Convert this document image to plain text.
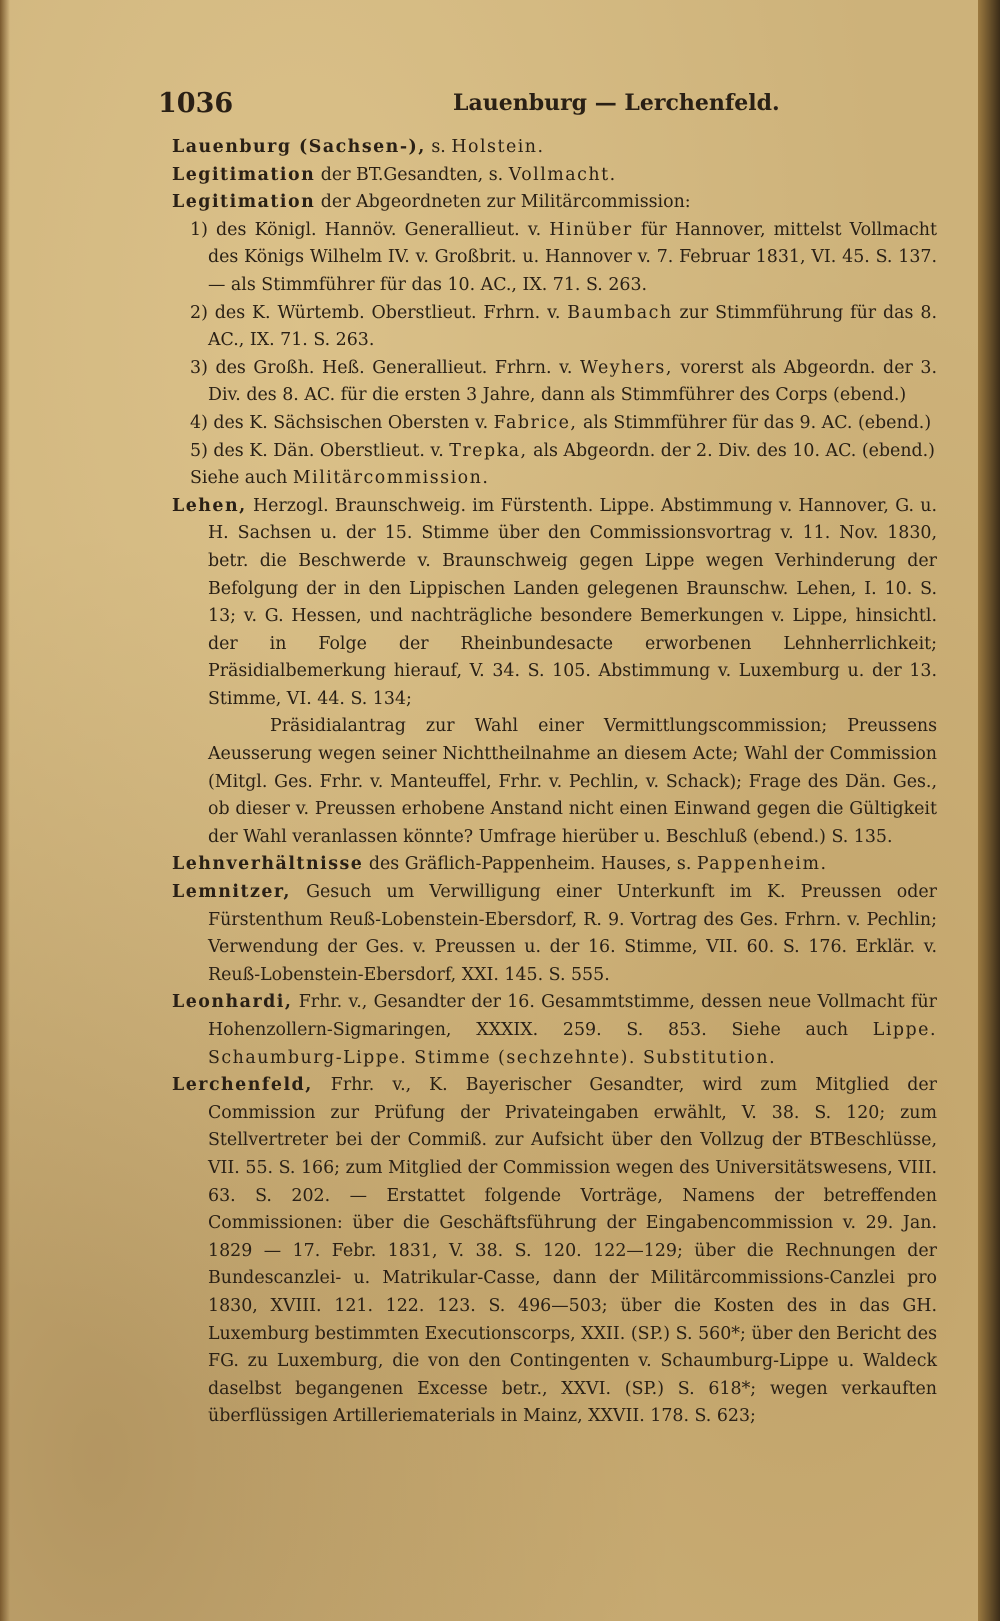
1036	Lauenburg — Lerchenfeld.

Lauenburg (Sachsen-), s. Holstein.

Legitimation der BT.Gesandten, s. Vollmacht.

Legitimation der Abgeordneten zur Militärcommission:

1) des Königl. Hannöv. Generallieut. v. Hinüber für Hannover, mittelst Vollmacht des Königs Wilhelm IV. v. Großbrit. u. Hannover v. 7. Februar 1831, VI. 45. S. 137. — als Stimmführer für das 10. AC., IX. 71. S. 263.

2) des K. Würtemb. Oberstlieut. Frhrn. v. Baumbach zur Stimmführung für das 8. AC., IX. 71. S. 263.

3) des Großh. Heß. Generallieut. Frhrn. v. Weyhers, vorerst als Abgeordn. der 3. Div. des 8. AC. für die ersten 3 Jahre, dann als Stimmführer des Corps (ebend.)

4) des K. Sächsischen Obersten v. Fabrice, als Stimmführer für das 9. AC. (ebend.)

5) des K. Dän. Oberstlieut. v. Trepka, als Abgeordn. der 2. Div. des 10. AC. (ebend.)

Siehe auch Militärcommission.

Lehen, Herzogl. Braunschweig. im Fürstenth. Lippe. Abstimmung v. Hannover, G. u. H. Sachsen u. der 15. Stimme über den Commissionsvortrag v. 11. Nov. 1830, betr. die Beschwerde v. Braunschweig gegen Lippe wegen Verhinderung der Befolgung der in den Lippischen Landen gelegenen Braunschw. Lehen, I. 10. S. 13; v. G. Hessen, und nachträgliche besondere Bemerkungen v. Lippe, hinsichtl. der in Folge der Rheinbundesacte erworbenen Lehnherrlichkeit; Präsidialbemerkung hierauf, V. 34. S. 105. Abstimmung v. Luxemburg u. der 13. Stimme, VI. 44. S. 134;

Präsidialantrag zur Wahl einer Vermittlungscommission; Preussens Aeusserung wegen seiner Nichttheilnahme an diesem Acte; Wahl der Commission (Mitgl. Ges. Frhr. v. Manteuffel, Frhr. v. Pechlin, v. Schack); Frage des Dän. Ges., ob dieser v. Preussen erhobene Anstand nicht einen Einwand gegen die Gültigkeit der Wahl veranlassen könnte? Umfrage hierüber u. Beschluß (ebend.) S. 135.

Lehnverhältnisse des Gräflich-Pappenheim. Hauses, s. Pappenheim.

Lemnitzer, Gesuch um Verwilligung einer Unterkunft im K. Preussen oder Fürstenthum Reuß-Lobenstein-Ebersdorf, R. 9. Vortrag des Ges. Frhrn. v. Pechlin; Verwendung der Ges. v. Preussen u. der 16. Stimme, VII. 60. S. 176. Erklär. v. Reuß-Lobenstein-Ebersdorf, XXI. 145. S. 555.

Leonhardi, Frhr. v., Gesandter der 16. Gesammtstimme, dessen neue Vollmacht für Hohenzollern-Sigmaringen, XXXIX. 259. S. 853. Siehe auch Lippe. Schaumburg-Lippe. Stimme (sechzehnte). Substitution.

Lerchenfeld, Frhr. v., K. Bayerischer Gesandter, wird zum Mitglied der Commission zur Prüfung der Privateingaben erwählt, V. 38. S. 120; zum Stellvertreter bei der Commiß. zur Aufsicht über den Vollzug der BTBeschlüsse, VII. 55. S. 166; zum Mitglied der Commission wegen des Universitätswesens, VIII. 63. S. 202. — Erstattet folgende Vorträge, Namens der betreffenden Commissionen: über die Geschäftsführung der Eingabencommission v. 29. Jan. 1829 — 17. Febr. 1831, V. 38. S. 120. 122—129; über die Rechnungen der Bundescanzlei- u. Matrikular-Casse, dann der Militärcommissions-Canzlei pro 1830, XVIII. 121. 122. 123. S. 496—503; über die Kosten des in das GH. Luxemburg bestimmten Executionscorps, XXII. (SP.) S. 560*; über den Bericht des FG. zu Luxemburg, die von den Contingenten v. Schaumburg-Lippe u. Waldeck daselbst begangenen Excesse betr., XXVI. (SP.) S. 618*; wegen verkauften überflüssigen Artilleriematerials in Mainz, XXVII. 178. S. 623;
